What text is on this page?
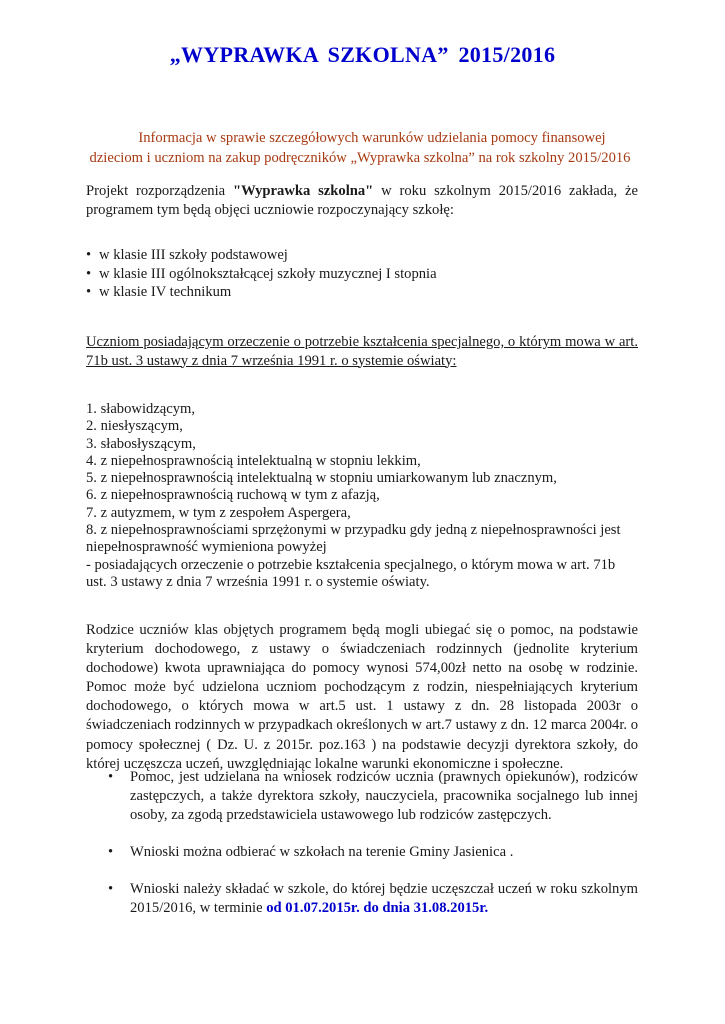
„WYPRAWKA SZKOLNA” 2015/2016
Informacja w sprawie szczegółowych warunków udzielania pomocy finansowej
dzieciom i uczniom na zakup podręczników „Wyprawka szkolna” na rok szkolny 2015/2016

Projekt rozporządzenia "Wyprawka szkolna" w roku szkolnym 2015/2016 zakłada, że programem tym będą objęci uczniowie rozpoczynający szkołę:

• w klasie III szkoły podstawowej
• w klasie III ogólnokształcącej szkoły muzycznej I stopnia
• w klasie IV technikum

Uczniom posiadającym orzeczenie o potrzebie kształcenia specjalnego, o którym mowa w art. 71b ust. 3 ustawy z dnia 7 września 1991 r. o systemie oświaty:

1. słabowidzącym,
2. niesłyszącym,
3. słabosłyszącym,
4. z niepełnosprawnością intelektualną w stopniu lekkim,
5. z niepełnosprawnością intelektualną w stopniu umiarkowanym lub znacznym,
6. z niepełnosprawnością ruchową w tym z afazją,
7. z autyzmem, w tym z zespołem Aspergera,
8. z niepełnosprawnościami sprzężonymi w przypadku gdy jedną z niepełnosprawności jest niepełnosprawność wymieniona powyżej
- posiadających orzeczenie o potrzebie kształcenia specjalnego, o którym mowa w art. 71b ust. 3 ustawy z dnia 7 września 1991 r. o systemie oświaty.

Rodzice uczniów klas objętych programem będą mogli ubiegać się o pomoc, na podstawie kryterium dochodowego, z ustawy o świadczeniach rodzinnych (jednolite kryterium dochodowe) kwota uprawniająca do pomocy wynosi 574,00zł netto na osobę w rodzinie. Pomoc może być udzielona uczniom pochodzącym z rodzin, niespełniających kryterium dochodowego, o których mowa w art.5 ust. 1 ustawy z dn. 28 listopada 2003r o świadczeniach rodzinnych w przypadkach określonych w art.7 ustawy z dn. 12 marca 2004r. o pomocy społecznej ( Dz. U. z 2015r. poz.163 ) na podstawie decyzji dyrektora szkoły, do której uczęszcza uczeń, uwzględniając lokalne warunki ekonomiczne i społeczne.

• Pomoc, jest udzielana na wniosek rodziców ucznia (prawnych opiekunów), rodziców zastępczych, a także dyrektora szkoły, nauczyciela, pracownika socjalnego lub innej osoby, za zgodą przedstawiciela ustawowego lub rodziców zastępczych.
• Wnioski można odbierać w szkołach na terenie Gminy Jasienica .
• Wnioski należy składać w szkole, do której będzie uczęszczał uczeń w roku szkolnym 2015/2016, w terminie od 01.07.2015r. do dnia 31.08.2015r.
